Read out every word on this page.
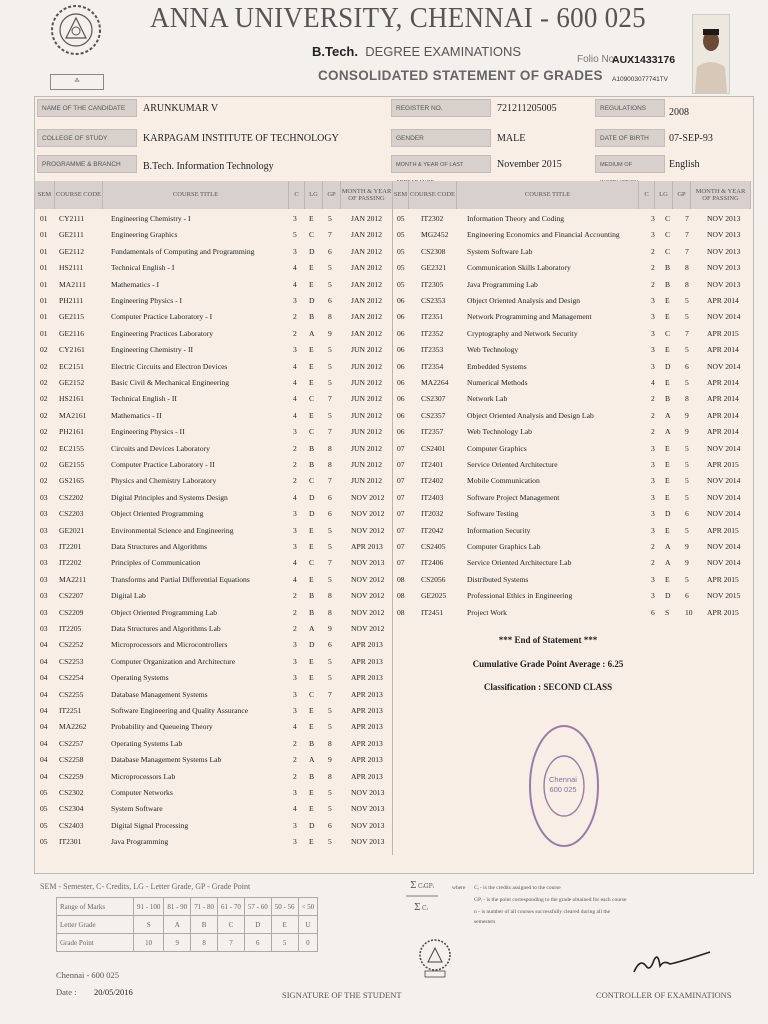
⁂
ANNA UNIVERSITY, CHENNAI - 600 025
B.Tech. DEGREE EXAMINATIONS
CONSOLIDATED STATEMENT OF GRADES
Folio No.
AUX1433176
A109003077741TV
NAME OF THE CANDIDATE	ARUNKUMAR V	REGISTER NO.	721211205005	REGULATIONS	2008
COLLEGE OF STUDY	KARPAGAM INSTITUTE OF TECHNOLOGY	GENDER	MALE	DATE OF BIRTH	07-SEP-93
PROGRAMME & BRANCH	B.Tech. Information Technology	MONTH & YEAR OF LAST	November 2015	MEDIUM OF	English
SEM COURSE CODE	COURSE TITLE	C	LG	GP
MONTH & YEAR OF PASSING
SEM COURSE CODE	COURSE TITLE	C	LG	GP
MONTH & YEAR OF PASSING
01 CY2111	Engineering Chemistry - I	3 E 5	JAN 2012
01 GE2111	Engineering Graphics	5 C 7	JAN 2012
01 GE2112	Fundamentals of Computing and Programming	3 D 6	JAN 2012
01 HS2111	Technical English - I	4 E 5	JAN 2012
01 MA2111	Mathematics - I	4 E 5	JAN 2012
01 PH2111	Engineering Physics - I	3 D 6	JAN 2012
01 GE2115	Computer Practice Laboratory - I	2 B 8	JAN 2012
01 GE2116	Engineering Practices Laboratory	2 A 9	JAN 2012
02 CY2161	Engineering Chemistry - II	3 E 5	JUN 2012
02 EC2151	Electric Circuits and Electron Devices	4 E 5	JUN 2012
02 GE2152	Basic Civil & Mechanical Engineering	4 E 5	JUN 2012
02 HS2161	Technical English - II	4 C 7	JUN 2012
02 MA2161	Mathematics - II	4 E 5	JUN 2012
02 PH2161	Engineering Physics - II	3 C 7	JUN 2012
02 EC2155	Circuits and Devices Laboratory	2 B 8	JUN 2012
02 GE2155	Computer Practice Laboratory - II	2 B 8	JUN 2012
02 GS2165	Physics and Chemistry Laboratory	2 C 7	JUN 2012
03 CS2202	Digital Principles and Systems Design	4 D 6	NOV 2012
03 CS2203	Object Oriented Programming	3 D 6	NOV 2012
03 GE2021	Environmental Science and Engineering	3 E 5	NOV 2012
03 IT2201	Data Structures and Algorithms	3 E 5	APR 2013
03 IT2202	Principles of Communication	4 C 7	NOV 2013
03 MA2211	Transforms and Partial Differential Equations	4 E 5	NOV 2012
03 CS2207	Digital Lab	2 B 8	NOV 2012
03 CS2209	Object Oriented Programming Lab	2 B 8	NOV 2012
03 IT2205	Data Structures and Algorithms Lab	2 A 9	NOV 2012
04 CS2252	Microprocessors and Microcontrollers	3 D 6	APR 2013
04 CS2253	Computer Organization and Architecture	3 E 5	APR 2013
04 CS2254	Operating Systems	3 E 5	APR 2013
04 CS2255	Database Management Systems	3 C 7	APR 2013
04 IT2251	Software Engineering and Quality Assurance	3 E 5	APR 2013
04 MA2262	Probability and Queueing Theory	4 E 5	APR 2013
04 CS2257	Operating Systems Lab	2 B 8	APR 2013
04 CS2258	Database Management Systems Lab	2 A 9	APR 2013
04 CS2259	Microprocessors Lab	2 B 8	APR 2013
05 CS2302	Computer Networks	3 E 5	NOV 2013
05 CS2304	System Software	4 E 5	NOV 2013
05 CS2403	Digital Signal Processing	3 D 6	NOV 2013
05 IT2301	Java Programming	3 E 5	NOV 2013
05 IT2302	Information Theory and Coding	3 C 7 NOV 2013
05 MG2452 Engineering Economics and Financial Accounting	3 C 7 NOV 2013
05 CS2308	System Software Lab	2 C 7 NOV 2013
05 GE2321	Communication Skills Laboratory	2 B 8 NOV 2013
05 IT2305	Java Programming Lab	2 B 8 NOV 2013
06 CS2353	Object Oriented Analysis and Design	3 E 5 APR 2014
06 IT2351	Network Programming and Management	3 E 5 NOV 2014
06 IT2352	Cryptography and Network Security	3 C 7 APR 2015
06 IT2353	Web Technology	3 E 5 APR 2014
06 IT2354	Embedded Systems	3 D 6 NOV 2014
06 MA2264 Numerical Methods	4 E 5 APR 2014
06 CS2307	Network Lab	2 B 8 APR 2014
06 CS2357	Object Oriented Analysis and Design Lab	2 A 9 APR 2014
06 IT2357	Web Technology Lab	2 A 9 APR 2014
07 CS2401	Computer Graphics	3 E 5 NOV 2014
07 IT2401	Service Oriented Architecture	3 E 5 APR 2015
07 IT2402	Mobile Communication	3 E 5 NOV 2014
07 IT2403	Software Project Management	3 E 5 NOV 2014
07 IT2032	Software Testing	3 D 6 NOV 2014
07 IT2042	Information Security	3 E 5 APR 2015
07 CS2405	Computer Graphics Lab	2 A 9 NOV 2014
07 IT2406	Service Oriented Architecture Lab	2 A 9 NOV 2014
08 CS2056	Distributed Systems	3 E 5 APR 2015
08 GE2025	Professional Ethics in Engineering	3 D 6 NOV 2015
08 IT2451	Project Work	6 S 10 APR 2015
*** End of Statement ***
Cumulative Grade Point Average : 6.25
Classification : SECOND CLASS
Chennai
600 025
SEM - Semester, C- Credits, LG - Letter Grade, GP - Grade Point
Range of Marks	91 - 100	81 - 90	71 - 80	61 - 70	57 - 60	50 - 56	< 50
Letter Grade	S	A	B	C	D	E	U
Grade Point	10	9	8	7	6	5	0
Σ CᵢGPᵢ
Σ Cᵢ
where Cᵢ - is the credits assigned to the course
GPᵢ - is the point corresponding to the grade obtained for each course
n - is number of all courses successfully cleared during all the
semesters
Chennai - 600 025
Date : 20/05/2016	SIGNATURE OF THE STUDENT	CONTROLLER OF EXAMINATIONS
